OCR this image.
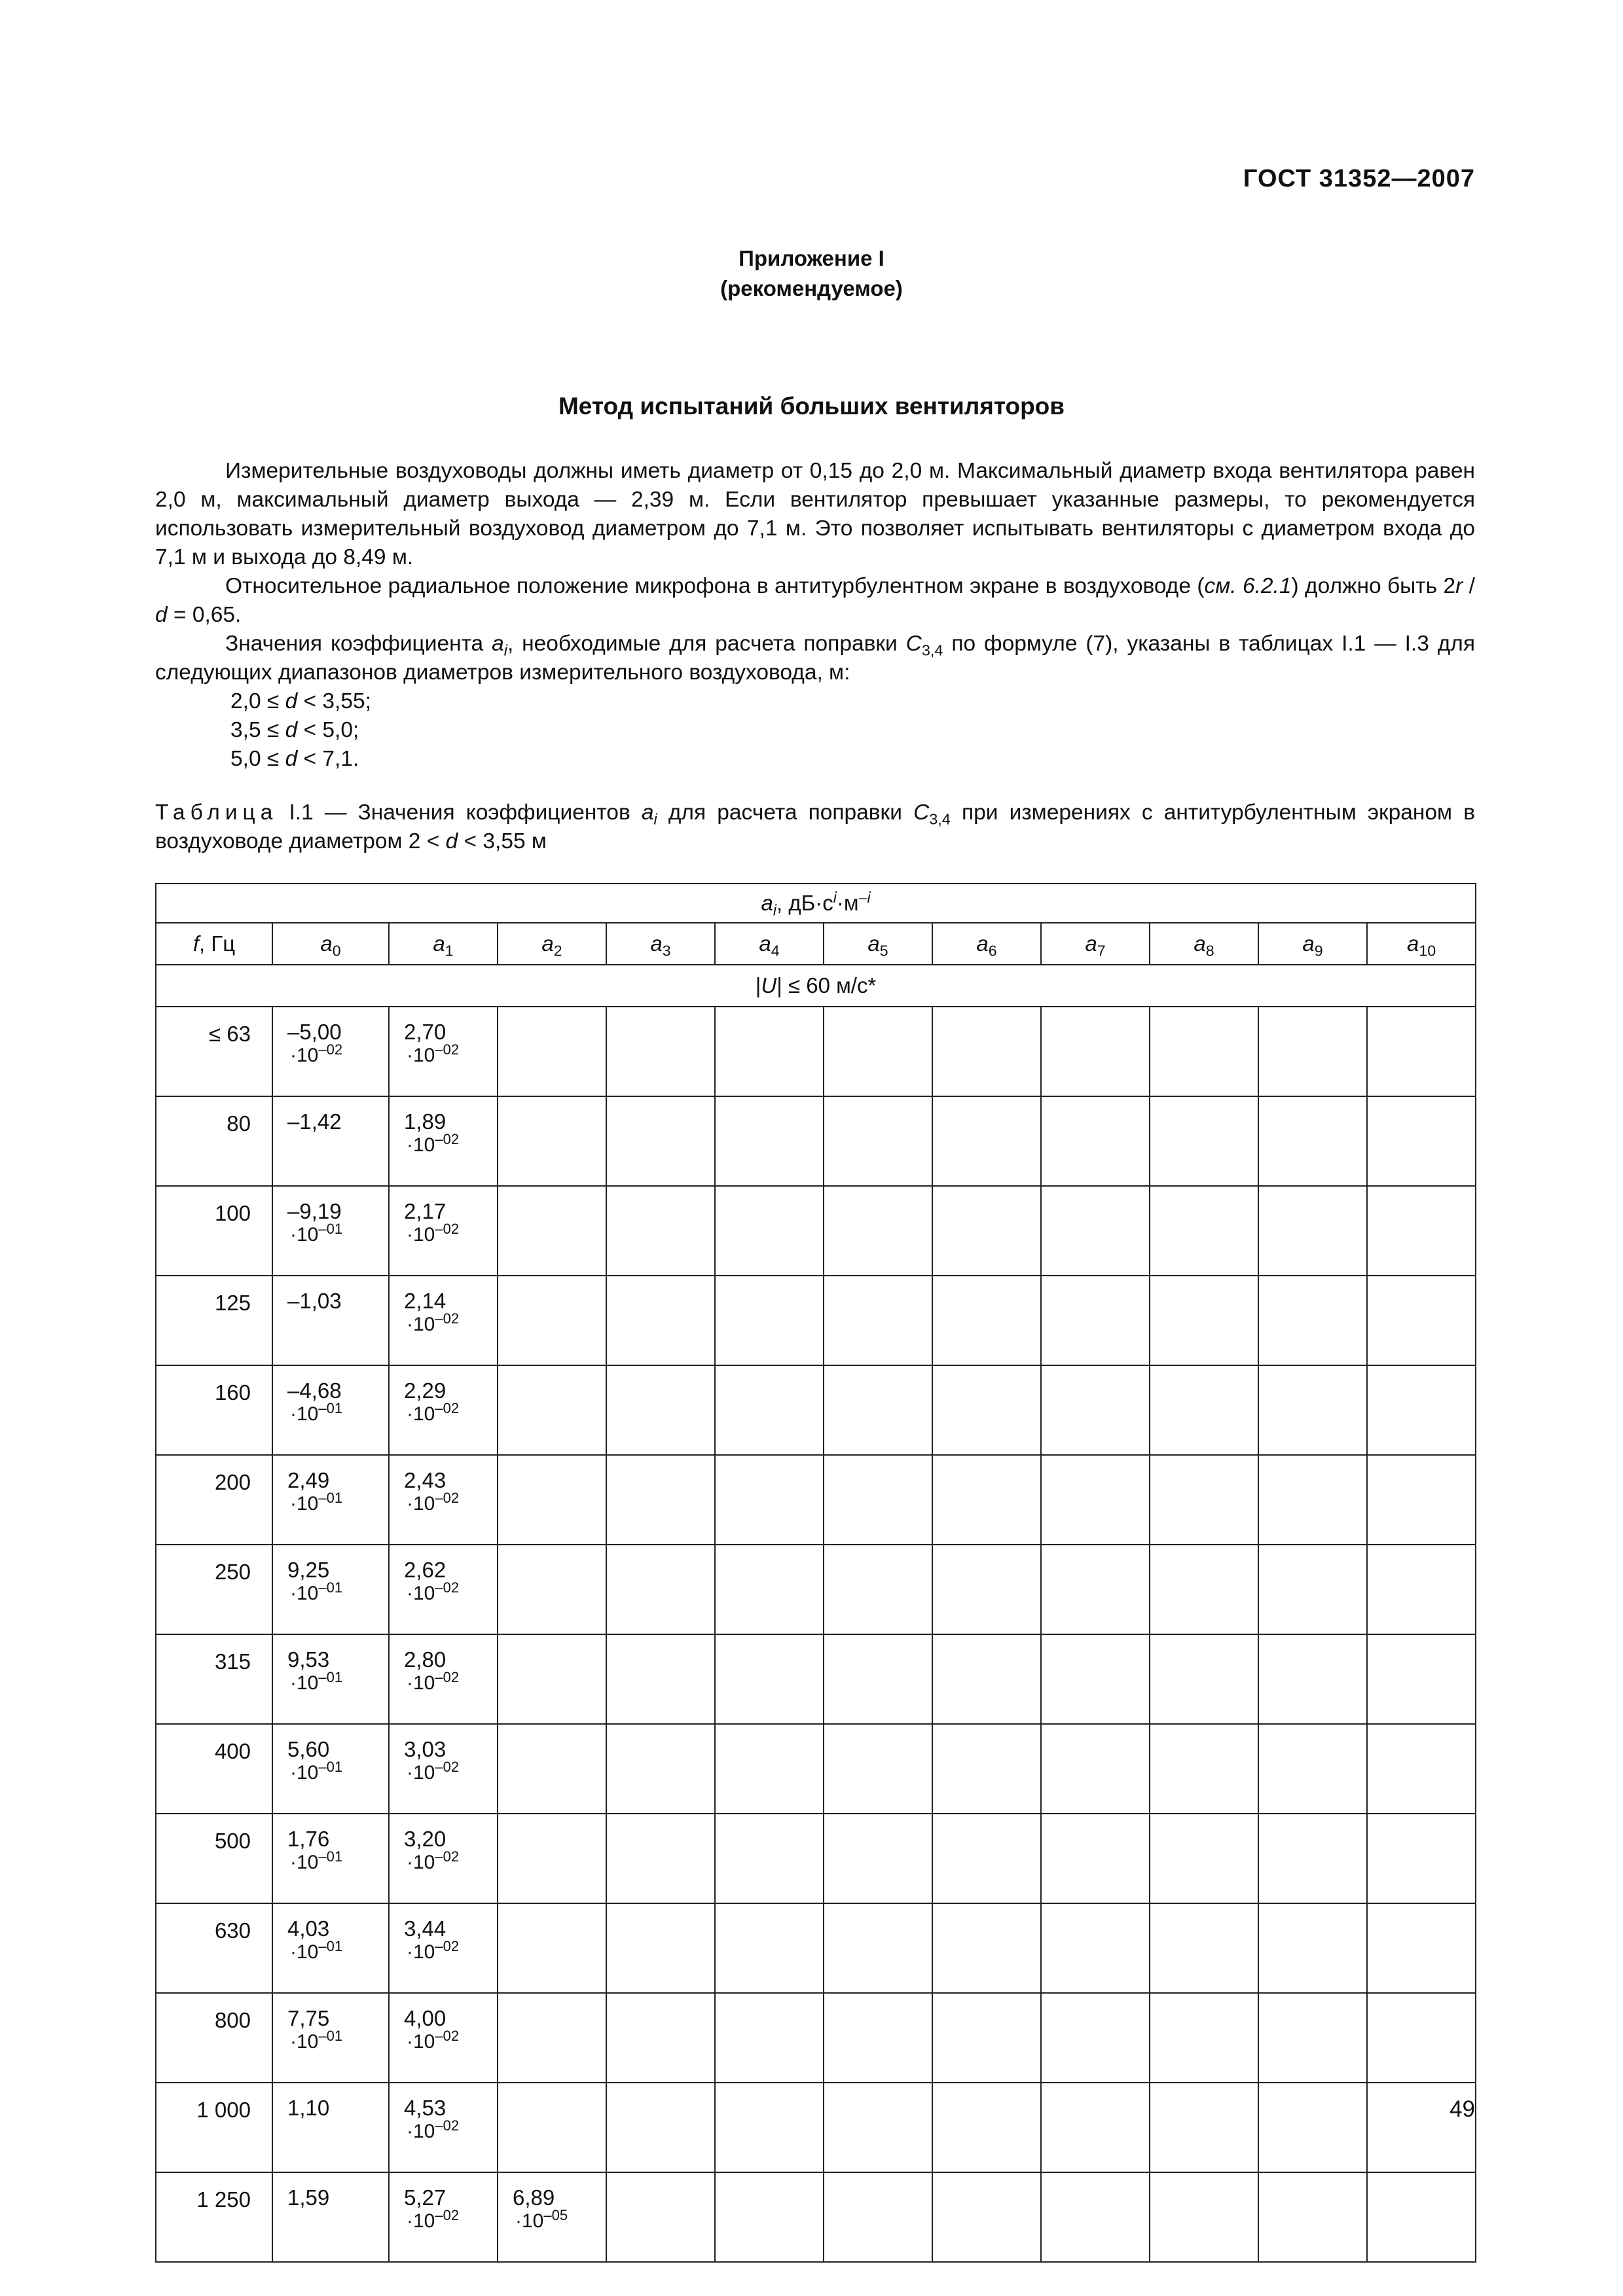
ГОСТ 31352—2007
Приложение I
(рекомендуемое)
Метод испытаний больших вентиляторов

Измерительные воздуховоды должны иметь диаметр от 0,15 до 2,0 м. Максимальный диаметр входа вентилятора равен 2,0 м, максимальный диаметр выхода — 2,39 м. Если вентилятор превышает указанные размеры, то рекомендуется использовать измерительный воздуховод диаметром до 7,1 м. Это позволяет испытывать вентиляторы с диаметром входа до 7,1 м и выхода до 8,49 м.

Относительное радиальное положение микрофона в антитурбулентном экране в воздуховоде (см. 6.2.1) должно быть 2r / d = 0,65.

Значения коэффициента $a_i$, необходимые для расчета поправки $C_{3,4}$ по формуле (7), указаны в таблицах I.1 — I.3 для следующих диапазонов диаметров измерительного воздуховода, м:

2,0 ≤ d < 3,55;

3,5 ≤ d < 5,0;

5,0 ≤ d < 7,1.

Таблица I.1 — Значения коэффициентов $a_i$ для расчета поправки $C_{3,4}$ при измерениях с антитурбулентным экраном в воздуховоде диаметром 2 < d < 3,55 м
$a_i$, $дБ\cdot с^i\cdot м^{-i}$
f, Гц	$a_0$	$a_1$	$a_2$	$a_3$	$a_4$	$a_5$	$a_6$	$a_7$	$a_8$	$a_9$	$a_{10}$
|U| ≤ 60 м/с*											
≤ 63	–5,00
$\cdot 10^{-02}$	2,70
$\cdot 10^{-02}$

80	–1,42	1,89
$\cdot 10^{-02}$

100	–9,19
$\cdot 10^{-01}$	2,17
$\cdot 10^{-02}$

125	–1,03	2,14
$\cdot 10^{-02}$

160	–4,68
$\cdot 10^{-01}$	2,29
$\cdot 10^{-02}$

200	2,49
$\cdot 10^{-01}$	2,43
$\cdot 10^{-02}$

250	9,25
$\cdot 10^{-01}$	2,62
$\cdot 10^{-02}$

315	9,53
$\cdot 10^{-01}$	2,80
$\cdot 10^{-02}$

400	5,60
$\cdot 10^{-01}$	3,03
$\cdot 10^{-02}$

500	1,76
$\cdot 10^{-01}$	3,20
$\cdot 10^{-02}$

630	4,03
$\cdot 10^{-01}$	3,44
$\cdot 10^{-02}$

800	7,75
$\cdot 10^{-01}$	4,00
$\cdot 10^{-02}$

1 000	1,10	4,53
$\cdot 10^{-02}$

1 250	1,59	5,27
$\cdot 10^{-02}$	6,89
$\cdot 10^{-05}$

49
